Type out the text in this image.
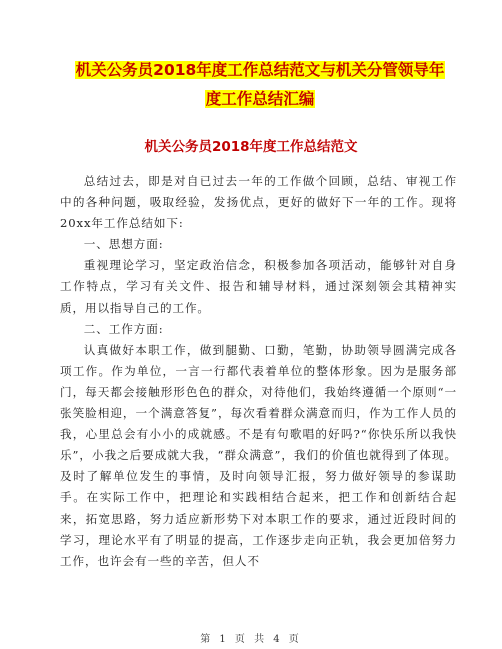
机关公务员2018年度工作总结范文与机关分管领导年
度工作总结汇编
机关公务员2018年度工作总结范文

总结过去，即是对自已过去一年的工作做个回顾，总结、审视工作中的各种问题，吸取经验，发扬优点，更好的做好下一年的工作。现将20xx年工作总结如下:

一、思想方面:

重视理论学习，坚定政治信念，积极参加各项活动，能够针对自身工作特点，学习有关文件、报告和辅导材料，通过深刻领会其精神实质，用以指导自己的工作。

二、工作方面:

认真做好本职工作，做到腿勤、口勤，笔勤，协助领导圆满完成各项工作。作为单位，一言一行都代表着单位的整体形象。因为是服务部门，每天都会接触形形色色的群众，对待他们，我始终遵循一个原则“一张笑脸相迎，一个满意答复”，每次看着群众满意而归，作为工作人员的我，心里总会有小小的成就感。不是有句歌唱的好吗?“你快乐所以我快乐”，小我之后要成就大我，“群众满意”，我们的价值也就得到了体现。及时了解单位发生的事情，及时向领导汇报，努力做好领导的参谋助手。在实际工作中，把理论和实践相结合起来，把工作和创新结合起来，拓宽思路，努力适应新形势下对本职工作的要求，通过近段时间的学习，理论水平有了明显的提高，工作逐步走向正轨，我会更加倍努力工作，也许会有一些的辛苦，但人不

第 1 页 共 4 页
